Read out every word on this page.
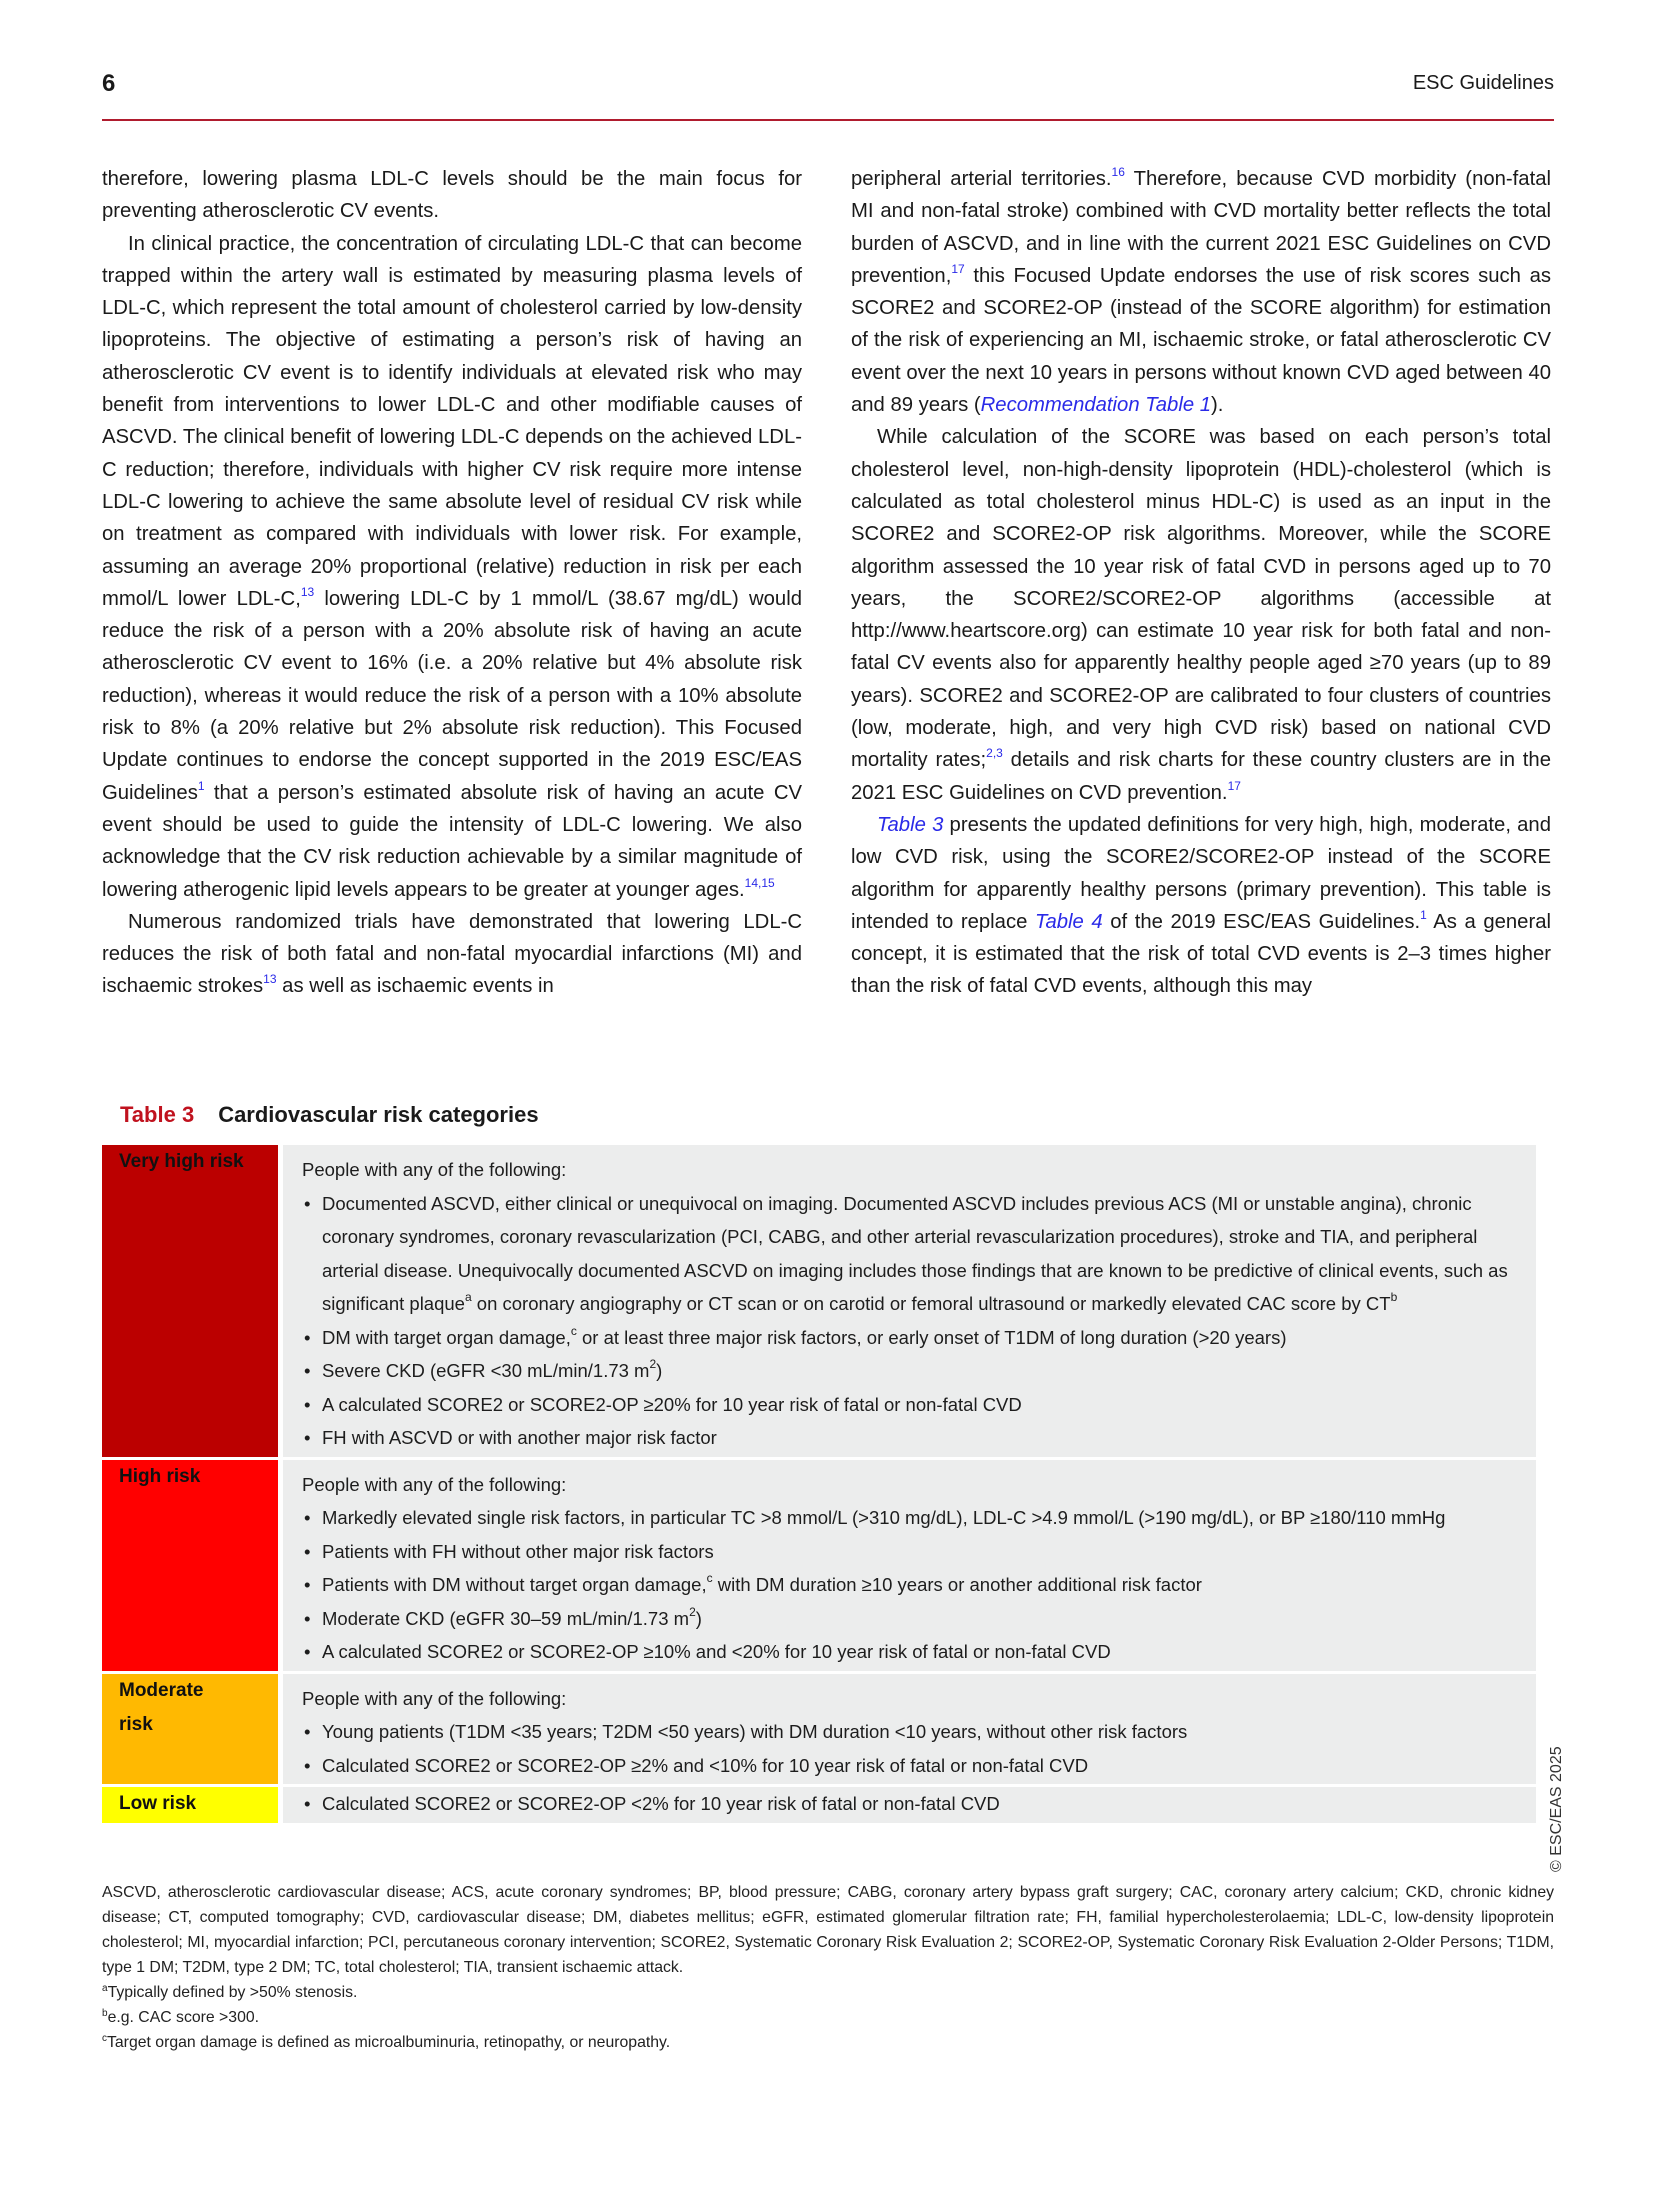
6	ESC Guidelines

therefore, lowering plasma LDL-C levels should be the main focus for preventing atherosclerotic CV events.

In clinical practice, the concentration of circulating LDL-C that can become trapped within the artery wall is estimated by measuring plasma levels of LDL-C, which represent the total amount of cholesterol carried by low-density lipoproteins. The objective of estimating a person’s risk of having an atherosclerotic CV event is to identify individuals at elevated risk who may benefit from interventions to lower LDL-C and other modifiable causes of ASCVD. The clinical benefit of lowering LDL-C depends on the achieved LDL-C reduction; therefore, individuals with higher CV risk require more intense LDL-C lowering to achieve the same absolute level of residual CV risk while on treatment as compared with individuals with lower risk. For example, assuming an average 20% proportional (relative) reduction in risk per each mmol/L lower LDL-C,$^{13}$ lowering LDL-C by 1 mmol/L (38.67 mg/dL) would reduce the risk of a person with a 20% absolute risk of having an acute atherosclerotic CV event to 16% (i.e. a 20% relative but 4% absolute risk reduction), whereas it would reduce the risk of a person with a 10% absolute risk to 8% (a 20% relative but 2% absolute risk reduction). This Focused Update continues to endorse the concept supported in the 2019 ESC/EAS Guidelines$^1$ that a person’s estimated absolute risk of having an acute CV event should be used to guide the intensity of LDL-C lowering. We also acknowledge that the CV risk reduction achievable by a similar magnitude of lowering atherogenic lipid levels appears to be greater at younger ages.$^{14,15}$

Numerous randomized trials have demonstrated that lowering LDL-C reduces the risk of both fatal and non-fatal myocardial infarctions (MI) and ischaemic strokes$^{13}$ as well as ischaemic events in

peripheral arterial territories.$^{16}$ Therefore, because CVD morbidity (non-fatal MI and non-fatal stroke) combined with CVD mortality better reflects the total burden of ASCVD, and in line with the current 2021 ESC Guidelines on CVD prevention,$^{17}$ this Focused Update endorses the use of risk scores such as SCORE2 and SCORE2-OP (instead of the SCORE algorithm) for estimation of the risk of experiencing an MI, ischaemic stroke, or fatal atherosclerotic CV event over the next 10 years in persons without known CVD aged between 40 and 89 years (Recommendation Table 1).

While calculation of the SCORE was based on each person’s total cholesterol level, non-high-density lipoprotein (HDL)-cholesterol (which is calculated as total cholesterol minus HDL-C) is used as an input in the SCORE2 and SCORE2-OP risk algorithms. Moreover, while the SCORE algorithm assessed the 10 year risk of fatal CVD in persons aged up to 70 years, the SCORE2/SCORE2-OP algorithms (accessible at http://www.heartscore.org) can estimate 10 year risk for both fatal and non-fatal CV events also for apparently healthy people aged ≥70 years (up to 89 years). SCORE2 and SCORE2-OP are calibrated to four clusters of countries (low, moderate, high, and very high CVD risk) based on national CVD mortality rates;$^{2,3}$ details and risk charts for these country clusters are in the 2021 ESC Guidelines on CVD prevention.$^{17}$

Table 3 presents the updated definitions for very high, high, moderate, and low CVD risk, using the SCORE2/SCORE2-OP instead of the SCORE algorithm for apparently healthy persons (primary prevention). This table is intended to replace Table 4 of the 2019 ESC/EAS Guidelines.$^1$ As a general concept, it is estimated that the risk of total CVD events is 2–3 times higher than the risk of fatal CVD events, although this may

Table 3 Cardiovascular risk categories
Very high risk	People with any of the following:

• Documented ASCVD, either clinical or unequivocal on imaging. Documented ASCVD includes previous ACS (MI or unstable angina), chronic coronary syndromes, coronary revascularization (PCI, CABG, and other arterial revascularization procedures), stroke and TIA, and peripheral arterial disease. Unequivocally documented ASCVD on imaging includes those findings that are known to be predictive of clinical events, such as significant plaque$^a$ on coronary angiography or CT scan or on carotid or femoral ultrasound or markedly elevated CAC score by $CT^b$
• DM with target organ damage,$^c$ or at least three major risk factors, or early onset of T1DM of long duration (>20 years)
• Severe CKD (eGFR <30 mL/min/1.73 $m^2$)
• A calculated SCORE2 or SCORE2-OP ≥20% for 10 year risk of fatal or non-fatal CVD
• FH with ASCVD or with another major risk factor
High risk	People with any of the following:

• Markedly elevated single risk factors, in particular TC >8 mmol/L (>310 mg/dL), LDL-C >4.9 mmol/L (>190 mg/dL), or BP ≥180/110 mmHg
• Patients with FH without other major risk factors
• Patients with DM without target organ damage,$^c$ with DM duration ≥10 years or another additional risk factor
• Moderate CKD (eGFR 30–59 mL/min/1.73 $m^2$)
• A calculated SCORE2 or SCORE2-OP ≥10% and <20% for 10 year risk of fatal or non-fatal CVD
Moderate risk

People with any of the following:

• Young patients (T1DM <35 years; T2DM <50 years) with DM duration <10 years, without other risk factors
• Calculated SCORE2 or SCORE2-OP ≥2% and <10% for 10 year risk of fatal or non-fatal CVD
Low risk	• Calculated SCORE2 or SCORE2-OP <2% for 10 year risk of fatal or non-fatal CVD	© ESC/EAS 2025

ASCVD, atherosclerotic cardiovascular disease; ACS, acute coronary syndromes; BP, blood pressure; CABG, coronary artery bypass graft surgery; CAC, coronary artery calcium; CKD, chronic kidney disease; CT, computed tomography; CVD, cardiovascular disease; DM, diabetes mellitus; eGFR, estimated glomerular filtration rate; FH, familial hypercholesterolaemia; LDL-C, low-density lipoprotein cholesterol; MI, myocardial infarction; PCI, percutaneous coronary intervention; SCORE2, Systematic Coronary Risk Evaluation 2; SCORE2-OP, Systematic Coronary Risk Evaluation 2-Older Persons; T1DM, type 1 DM; T2DM, type 2 DM; TC, total cholesterol; TIA, transient ischaemic attack.

$^a$Typically defined by >50% stenosis.

$^b$e.g. CAC score >300.

$^c$Target organ damage is defined as microalbuminuria, retinopathy, or neuropathy.
